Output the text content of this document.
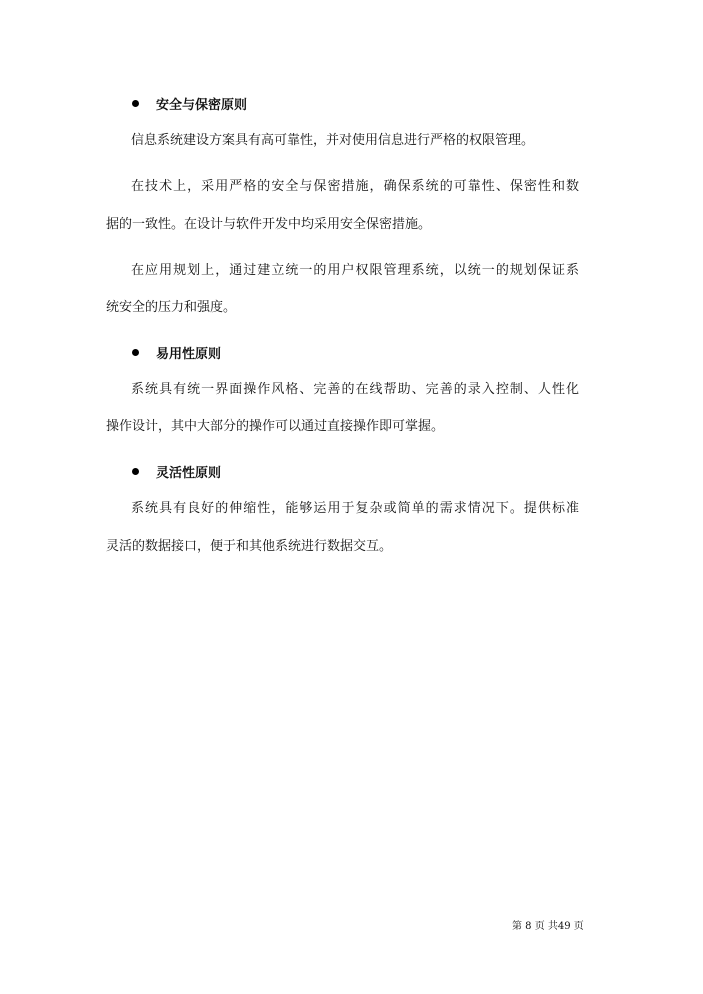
安全与保密原则
信息系统建设方案具有高可靠性，并对使用信息进行严格的权限管理。
在技术上，采用严格的安全与保密措施，确保系统的可靠性、保密性和数
据的一致性。在设计与软件开发中均采用安全保密措施。
在应用规划上，通过建立统一的用户权限管理系统，以统一的规划保证系
统安全的压力和强度。
易用性原则
系统具有统一界面操作风格、完善的在线帮助、完善的录入控制、人性化
操作设计，其中大部分的操作可以通过直接操作即可掌握。
灵活性原则
系统具有良好的伸缩性，能够运用于复杂或简单的需求情况下。提供标准
灵活的数据接口，便于和其他系统进行数据交互。
第 8 页 共49 页
